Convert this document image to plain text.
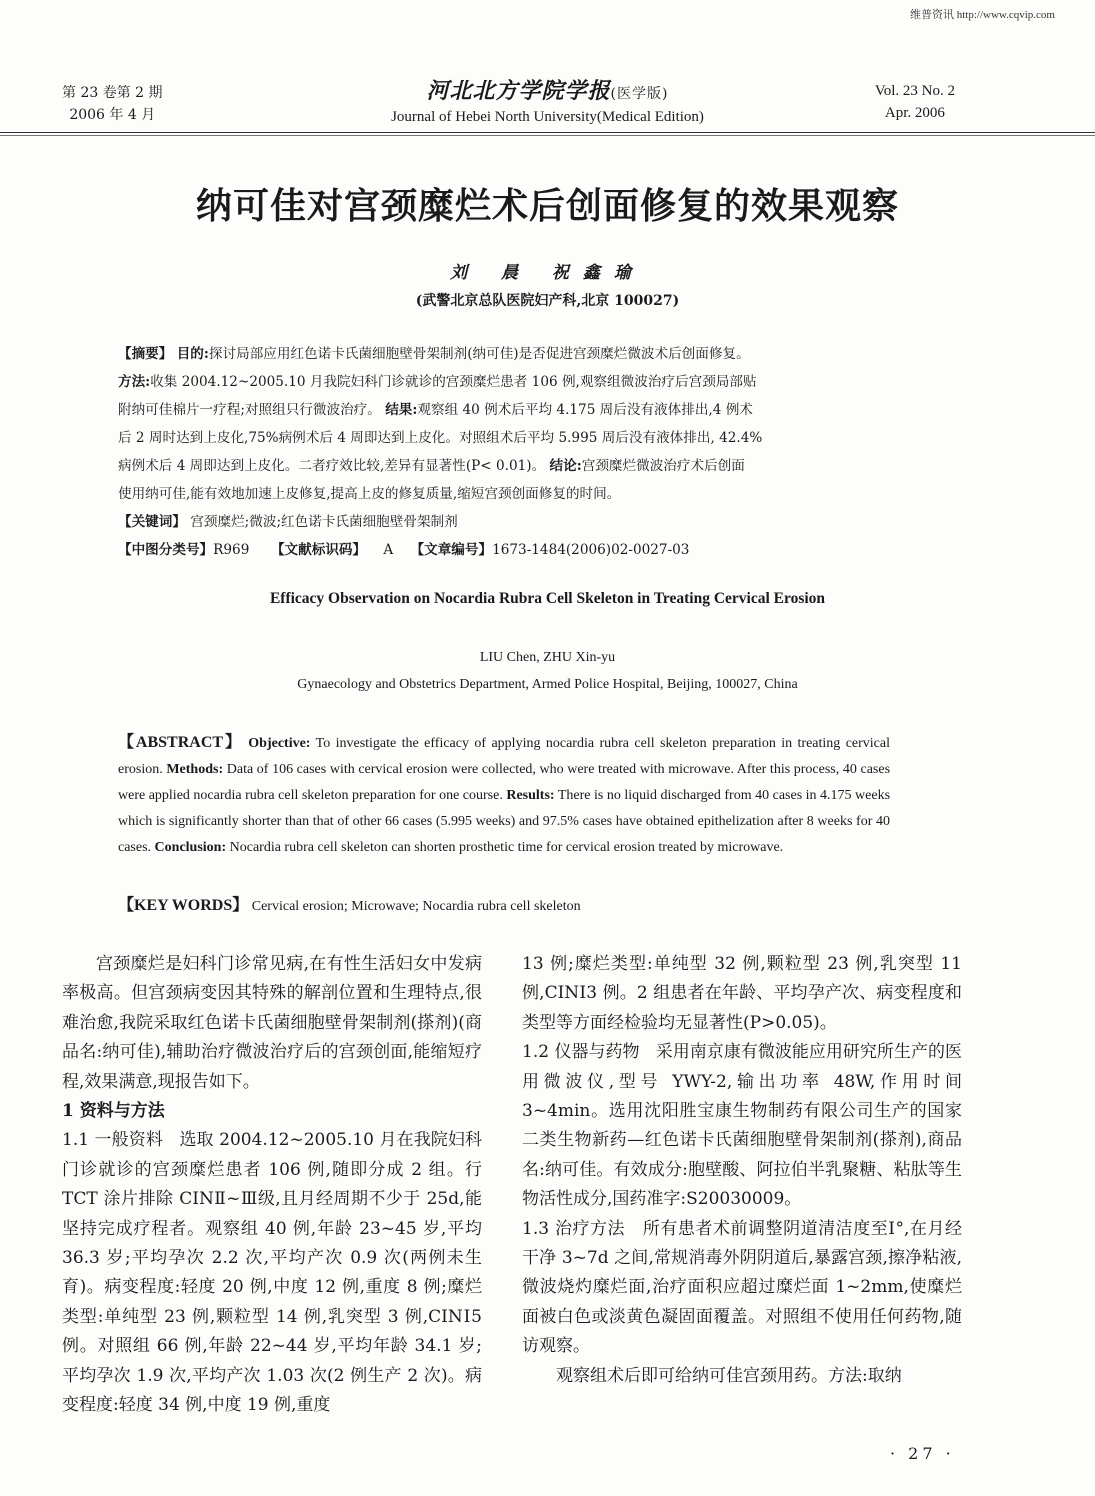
维普资讯 http://www.cqvip.com
第 23 卷第 2 期
2006 年 4 月
河北北方学院学报(医学版)
Journal of Hebei North University(Medical Edition)
Vol. 23 No. 2
Apr. 2006
纳可佳对宫颈糜烂术后创面修复的效果观察
刘 晨 祝鑫瑜
(武警北京总队医院妇产科,北京 100027)
【摘要】 目的:探讨局部应用红色诺卡氏菌细胞壁骨架制剂(纳可佳)是否促进宫颈糜烂微波术后创面修复。
方法:收集 2004.12~2005.10 月我院妇科门诊就诊的宫颈糜烂患者 106 例,观察组微波治疗后宫颈局部贴
附纳可佳棉片一疗程;对照组只行微波治疗。 结果:观察组 40 例术后平均 4.175 周后没有液体排出,4 例术
后 2 周时达到上皮化,75%病例术后 4 周即达到上皮化。对照组术后平均 5.995 周后没有液体排出, 42.4%
病例术后 4 周即达到上皮化。二者疗效比较,差异有显著性(P< 0.01)。 结论:宫颈糜烂微波治疗术后创面
使用纳可佳,能有效地加速上皮修复,提高上皮的修复质量,缩短宫颈创面修复的时间。
【关键词】 宫颈糜烂;微波;红色诺卡氏菌细胞壁骨架制剂
【中图分类号】R969 【文献标识码】 A 【文章编号】1673-1484(2006)02-0027-03
Efficacy Observation on Nocardia Rubra Cell Skeleton in Treating Cervical Erosion
LIU Chen, ZHU Xin-yu
Gynaecology and Obstetrics Department, Armed Police Hospital, Beijing, 100027, China
【ABSTRACT】 Objective: To investigate the efficacy of applying nocardia rubra cell skeleton preparation in treating cervical erosion. Methods: Data of 106 cases with cervical erosion were collected, who were treated with microwave. After this process, 40 cases were applied nocardia rubra cell skeleton preparation for one course. Results: There is no liquid discharged from 40 cases in 4.175 weeks which is significantly shorter than that of other 66 cases (5.995 weeks) and 97.5% cases have obtained epithelization after 8 weeks for 40 cases. Conclusion: Nocardia rubra cell skeleton can shorten prosthetic time for cervical erosion treated by microwave.
【KEY WORDS】 Cervical erosion; Microwave; Nocardia rubra cell skeleton

宫颈糜烂是妇科门诊常见病,在有性生活妇女中发病率极高。但宫颈病变因其特殊的解剖位置和生理特点,很难治愈,我院采取红色诺卡氏菌细胞壁骨架制剂(搽剂)(商品名:纳可佳),辅助治疗微波治疗后的宫颈创面,能缩短疗程,效果满意,现报告如下。

1 资料与方法

1.1 一般资料 选取 2004.12~2005.10 月在我院妇科门诊就诊的宫颈糜烂患者 106 例,随即分成 2 组。行 TCT 涂片排除 CINⅡ~Ⅲ级,且月经周期不少于 25d,能坚持完成疗程者。观察组 40 例,年龄 23~45 岁,平均 36.3 岁;平均孕次 2.2 次,平均产次 0.9 次(两例未生育)。病变程度:轻度 20 例,中度 12 例,重度 8 例;糜烂类型:单纯型 23 例,颗粒型 14 例,乳突型 3 例,CINⅠ5 例。对照组 66 例,年龄 22~44 岁,平均年龄 34.1 岁;平均孕次 1.9 次,平均产次 1.03 次(2 例生产 2 次)。病变程度:轻度 34 例,中度 19 例,重度

13 例;糜烂类型:单纯型 32 例,颗粒型 23 例,乳突型 11 例,CINⅠ3 例。2 组患者在年龄、平均孕产次、病变程度和类型等方面经检验均无显著性(P>0.05)。

1.2 仪器与药物 采用南京康有微波能应用研究所生产的医用微波仪,型号 YWY-2,输出功率 48W,作用时间 3~4min。选用沈阳胜宝康生物制药有限公司生产的国家二类生物新药—红色诺卡氏菌细胞壁骨架制剂(搽剂),商品名:纳可佳。有效成分:胞壁酸、阿拉伯半乳聚糖、粘肽等生物活性成分,国药准字:S20030009。

1.3 治疗方法 所有患者术前调整阴道清洁度至Ⅰ°,在月经干净 3~7d 之间,常规消毒外阴阴道后,暴露宫颈,擦净粘液,微波烧灼糜烂面,治疗面积应超过糜烂面 1~2mm,使糜烂面被白色或淡黄色凝固面覆盖。对照组不使用任何药物,随访观察。

观察组术后即可给纳可佳宫颈用药。方法:取纳

· 27 ·
